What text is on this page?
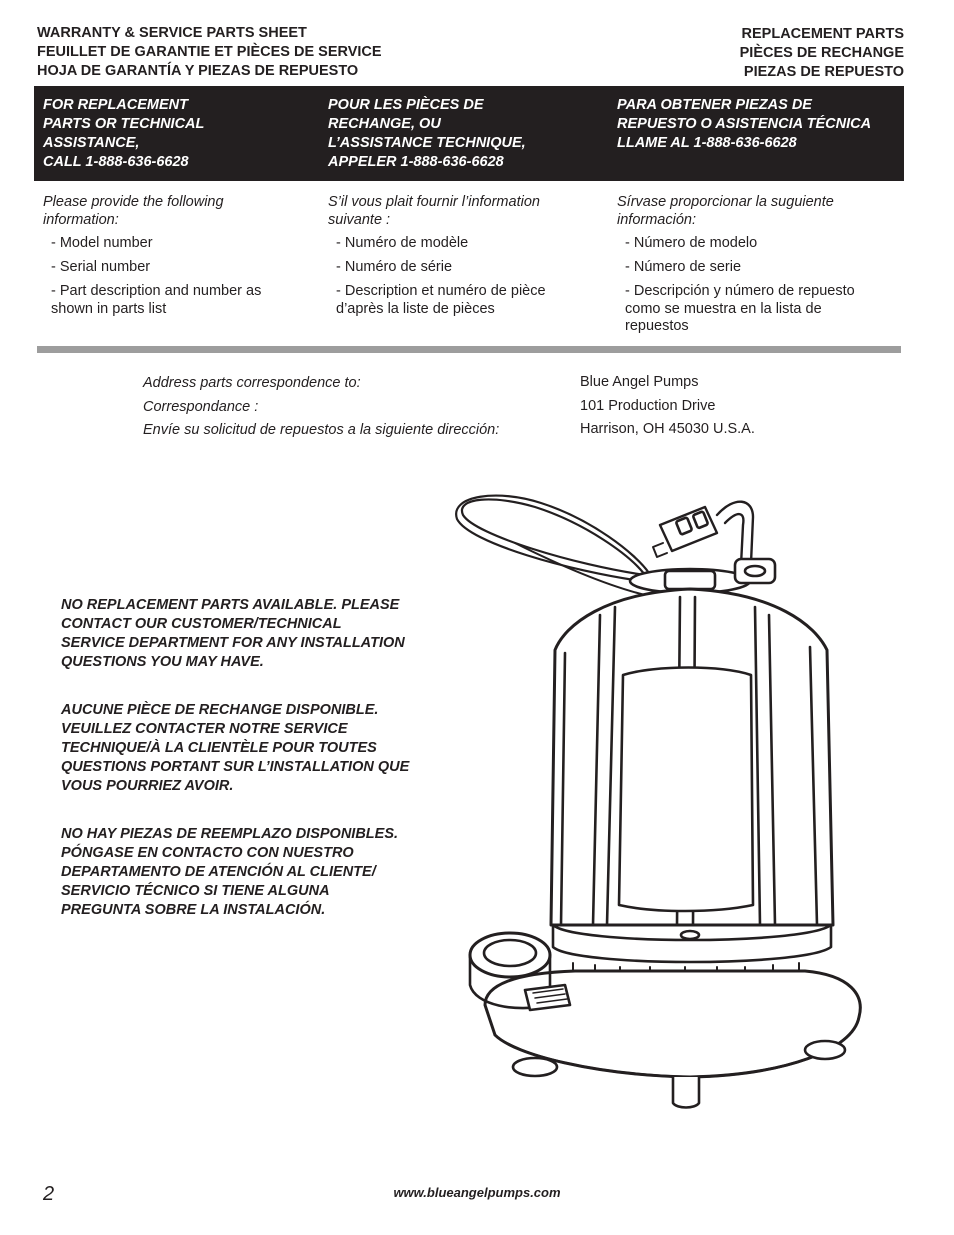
WARRANTY & SERVICE PARTS SHEET
FEUILLET DE GARANTIE ET PIÈCES DE SERVICE
HOJA DE GARANTÍA Y PIEZAS DE REPUESTO
REPLACEMENT PARTS
PIÈCES DE RECHANGE
PIEZAS DE REPUESTO
FOR REPLACEMENT
PARTS OR TECHNICAL
ASSISTANCE,
CALL 1-888-636-6628
POUR LES PIÈCES DE
RECHANGE, OU
L’ASSISTANCE TECHNIQUE,
APPELER 1-888-636-6628
PARA OBTENER PIEZAS DE
REPUESTO O ASISTENCIA TÉCNICA
LLAME AL 1-888-636-6628
Please provide the following
information:
- Model number
- Serial number
- Part description and number as
shown in parts list
S’il vous plait fournir l’information
suivante :
- Numéro de modèle
- Numéro de série
- Description et numéro de pièce
d’après la liste de pièces
Sírvase proporcionar la suguiente
información:
- Número de modelo
- Número de serie
- Descripción y número de repuesto
como se muestra en la lista de
repuestos
Address parts correspondence to:
Correspondance :
Envíe su solicitud de repuestos a la siguiente dirección:
Blue Angel Pumps
101 Production Drive
Harrison, OH 45030 U.S.A.

NO REPLACEMENT PARTS AVAILABLE. PLEASE
CONTACT OUR CUSTOMER/TECHNICAL
SERVICE DEPARTMENT FOR ANY INSTALLATION
QUESTIONS YOU MAY HAVE.

AUCUNE PIÈCE DE RECHANGE DISPONIBLE.
VEUILLEZ CONTACTER NOTRE SERVICE
TECHNIQUE/À LA CLIENTÈLE POUR TOUTES
QUESTIONS PORTANT SUR L’INSTALLATION QUE
VOUS POURRIEZ AVOIR.

NO HAY PIEZAS DE REEMPLAZO DISPONIBLES.
PÓNGASE EN CONTACTO CON NUESTRO
DEPARTAMENTO DE ATENCIÓN AL CLIENTE/
SERVICIO TÉCNICO SI TIENE ALGUNA
PREGUNTA SOBRE LA INSTALACIÓN.

2	www.blueangelpumps.com
